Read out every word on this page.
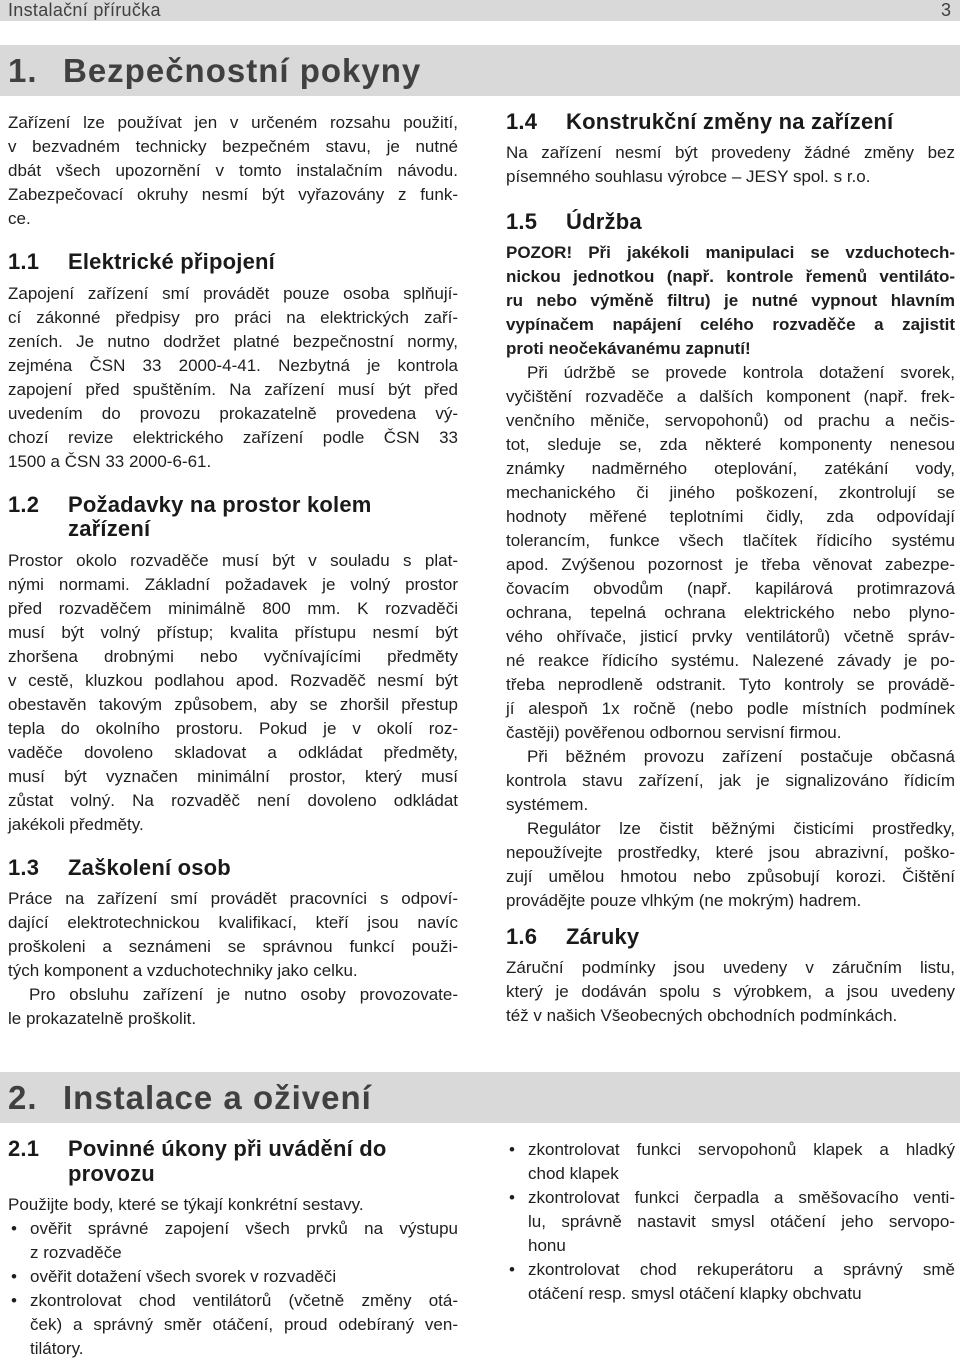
Instalační příručka	3
1. Bezpečnostní pokyny
Zařízení lze používat jen v určeném rozsahu použití,
v bezvadném technicky bezpečném stavu, je nutné
dbát všech upozornění v tomto instalačním návodu.
Zabezpečovací okruhy nesmí být vyřazovány z funk-
ce.
1.1 Elektrické připojení
Zapojení zařízení smí provádět pouze osoba splňují-
cí zákonné předpisy pro práci na elektrických zaří-
zeních. Je nutno dodržet platné bezpečnostní normy,
zejména ČSN 33 2000-4-41. Nezbytná je kontrola
zapojení před spuštěním. Na zařízení musí být před
uvedením do provozu prokazatelně provedena vý-
chozí revize elektrického zařízení podle ČSN 33
1500 a ČSN 33 2000-6-61.
1.2 Požadavky na prostor kolem
zařízení
Prostor okolo rozvaděče musí být v souladu s plat-
nými normami. Základní požadavek je volný prostor
před rozvaděčem minimálně 800 mm. K rozvaděči
musí být volný přístup; kvalita přístupu nesmí být
zhoršena drobnými nebo vyčnívajícími předměty
v cestě, kluzkou podlahou apod. Rozvaděč nesmí být
obestavěn takovým způsobem, aby se zhoršil přestup
tepla do okolního prostoru. Pokud je v okolí roz-
vaděče dovoleno skladovat a odkládat předměty,
musí být vyznačen minimální prostor, který musí
zůstat volný. Na rozvaděč není dovoleno odkládat
jakékoli předměty.
1.3 Zaškolení osob
Práce na zařízení smí provádět pracovníci s odpoví-
dající elektrotechnickou kvalifikací, kteří jsou navíc
proškoleni a seznámeni se správnou funkcí použi-
tých komponent a vzduchotechniky jako celku.
Pro obsluhu zařízení je nutno osoby provozovate-
le prokazatelně proškolit.
1.4 Konstrukční změny na zařízení
Na zařízení nesmí být provedeny žádné změny bez
písemného souhlasu výrobce – JESY spol. s r.o.
1.5 Údržba
POZOR! Při jakékoli manipulaci se vzduchotech-
nickou jednotkou (např. kontrole řemenů ventiláto-
ru nebo výměně filtru) je nutné vypnout hlavním
vypínačem napájení celého rozvaděče a zajistit
proti neočekávanému zapnutí!
Při údržbě se provede kontrola dotažení svorek,
vyčištění rozvaděče a dalších komponent (např. frek-
venčního měniče, servopohonů) od prachu a nečis-
tot, sleduje se, zda některé komponenty nenesou
známky nadměrného oteplování, zatékání vody,
mechanického či jiného poškození, zkontrolují se
hodnoty měřené teplotními čidly, zda odpovídají
tolerancím, funkce všech tlačítek řídicího systému
apod. Zvýšenou pozornost je třeba věnovat zabezpe-
čovacím obvodům (např. kapilárová protimrazová
ochrana, tepelná ochrana elektrického nebo plyno-
vého ohřívače, jisticí prvky ventilátorů) včetně správ-
né reakce řídicího systému. Nalezené závady je po-
třeba neprodleně odstranit. Tyto kontroly se provádě-
jí alespoň 1x ročně (nebo podle místních podmínek
častěji) pověřenou odbornou servisní firmou.
Při běžném provozu zařízení postačuje občasná
kontrola stavu zařízení, jak je signalizováno řídicím
systémem.
Regulátor lze čistit běžnými čisticími prostředky,
nepoužívejte prostředky, které jsou abrazivní, poško-
zují umělou hmotou nebo způsobují korozi. Čištění
provádějte pouze vlhkým (ne mokrým) hadrem.
1.6 Záruky
Záruční podmínky jsou uvedeny v záručním listu,
který je dodáván spolu s výrobkem, a jsou uvedeny
též v našich Všeobecných obchodních podmínkách.
2. Instalace a oživení
2.1 Povinné úkony při uvádění do
provozu
Použijte body, které se týkají konkrétní sestavy.
•
ověřit správné zapojení všech prvků na výstupu
z rozvaděče
•
ověřit dotažení všech svorek v rozvaděči
•
zkontrolovat chod ventilátorů (včetně změny otá-
ček) a správný směr otáčení, proud odebíraný ven-
tilátory.
•
zkontrolovat funkci servopohonů klapek a hladký
chod klapek
•
zkontrolovat funkci čerpadla a směšovacího venti-
lu, správně nastavit smysl otáčení jeho servopo-
honu
•
zkontrolovat chod rekuperátoru a správný smě
otáčení resp. smysl otáčení klapky obchvatu
